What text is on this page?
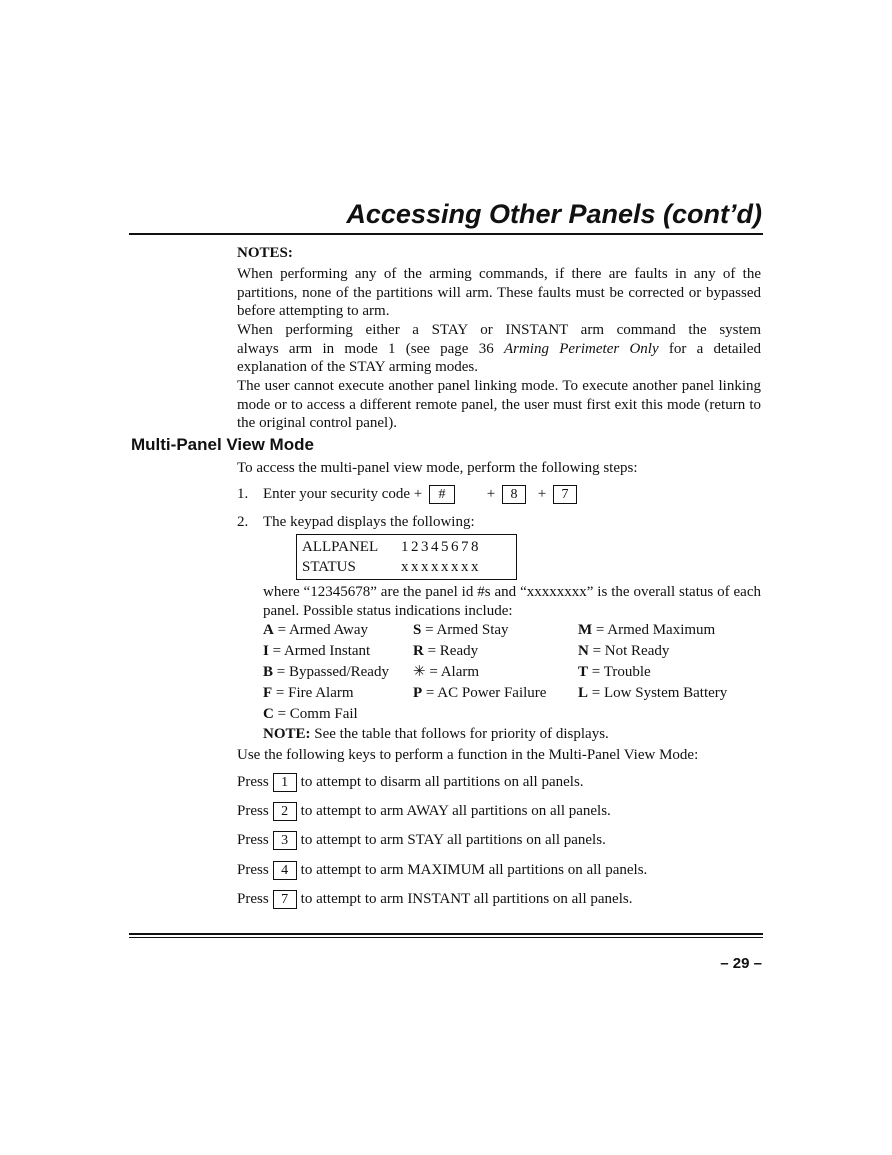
Accessing Other Panels (cont’d)
NOTES:
When performing any of the arming commands, if there are faults in any of the partitions, none of the partitions will arm. These faults must be corrected or bypassed before attempting to arm.
When performing either a STAY or INSTANT arm command the system
always arm in mode 1 (see page 36 Arming Perimeter Only for a detailed
explanation of the STAY arming modes.
The user cannot execute another panel linking mode. To execute another panel linking mode or to access a different remote panel, the user must first exit this mode (return to the original control panel).
Multi-Panel View Mode
To access the multi-panel view mode, perform the following steps:
1. Enter your security code + #	+ 8 + 7
2. The keypad displays the following:
ALLPANEL 12345678
STATUS	xxxxxxxx
where “12345678” are the panel id #s and “xxxxxxxx” is the overall status of each panel. Possible status indications include:
A = Armed Away	S = Armed Stay	M = Armed Maximum
I = Armed Instant	R = Ready	N = Not Ready
B = Bypassed/Ready ✳ = Alarm	T = Trouble
F = Fire Alarm	P = AC Power Failure L = Low System Battery
C = Comm Fail
NOTE: See the table that follows for priority of displays.
Use the following keys to perform a function in the Multi-Panel View Mode:
Press 1 to attempt to disarm all partitions on all panels.
Press 2 to attempt to arm AWAY all partitions on all panels.
Press 3 to attempt to arm STAY all partitions on all panels.
Press 4 to attempt to arm MAXIMUM all partitions on all panels.
Press 7 to attempt to arm INSTANT all partitions on all panels.
– 29 –
